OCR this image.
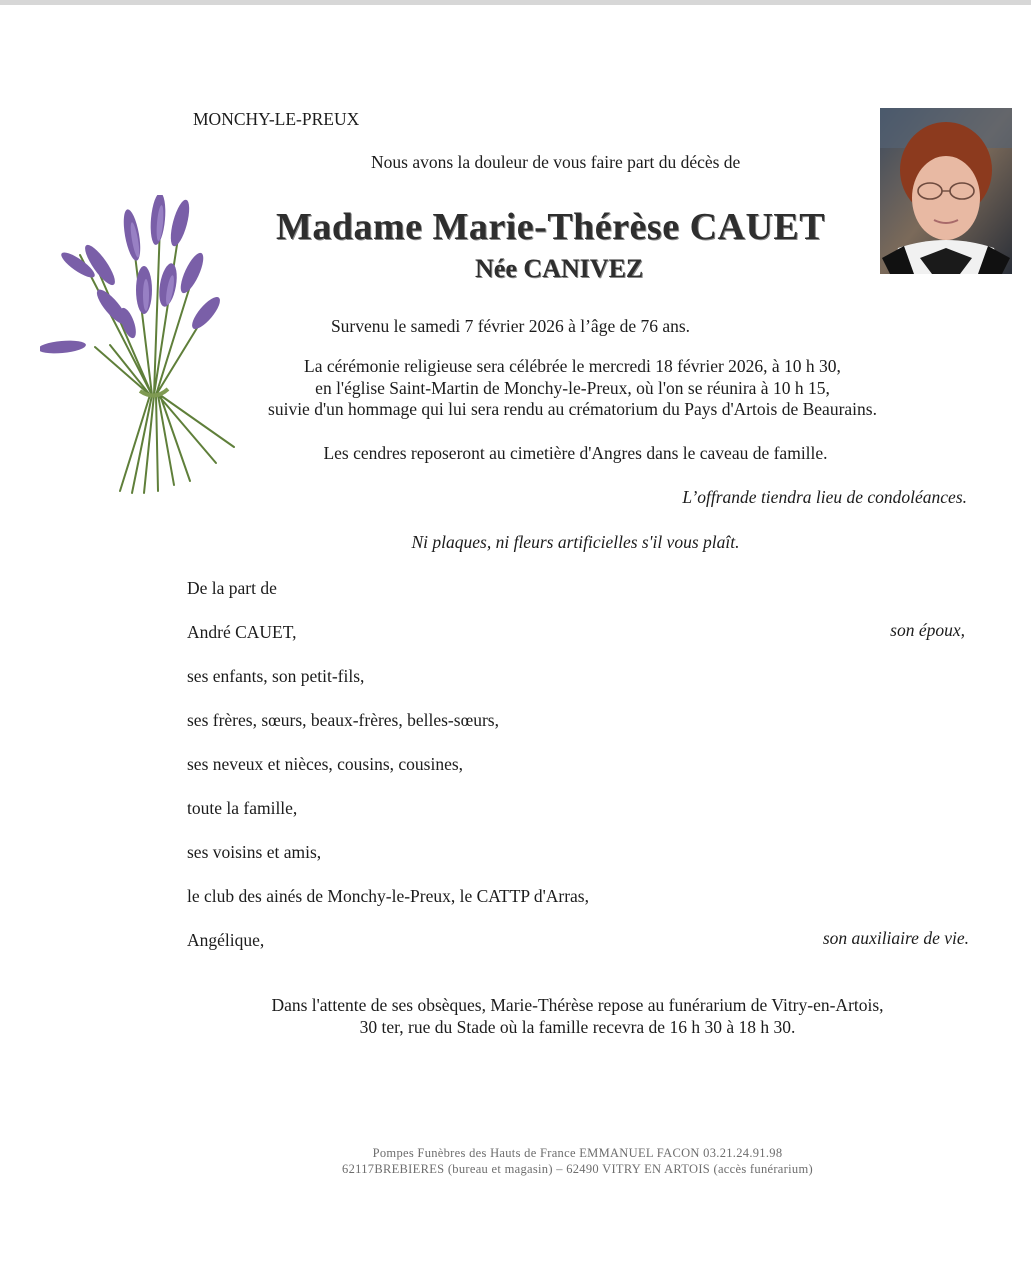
MONCHY-LE-PREUX
Nous avons la douleur de vous faire part du décès de
Madame Marie-Thérèse CAUET
Née CANIVEZ
Survenu le samedi 7 février 2026 à l’âge de 76 ans.
La cérémonie religieuse sera célébrée le mercredi 18 février 2026, à 10 h 30,
en l'église Saint-Martin de Monchy-le-Preux, où l'on se réunira à 10 h 15,
suivie d'un hommage qui lui sera rendu au crématorium du Pays d'Artois de Beaurains.
Les cendres reposeront au cimetière d'Angres dans le caveau de famille.
L’offrande tiendra lieu de condoléances.
Ni plaques, ni fleurs artificielles s'il vous plaît.
De la part de
André CAUET,	son époux,
ses enfants, son petit-fils,
ses frères, sœurs, beaux-frères, belles-sœurs,
ses neveux et nièces, cousins, cousines,
toute la famille,
ses voisins et amis,
le club des ainés de Monchy-le-Preux, le CATTP d'Arras,
Angélique,	son auxiliaire de vie.
Dans l'attente de ses obsèques, Marie-Thérèse repose au funérarium de Vitry-en-Artois,
30 ter, rue du Stade où la famille recevra de 16 h 30 à 18 h 30.
Pompes Funèbres des Hauts de France EMMANUEL FACON 03.21.24.91.98
62117BREBIERES (bureau et magasin) – 62490 VITRY EN ARTOIS (accès funérarium)
